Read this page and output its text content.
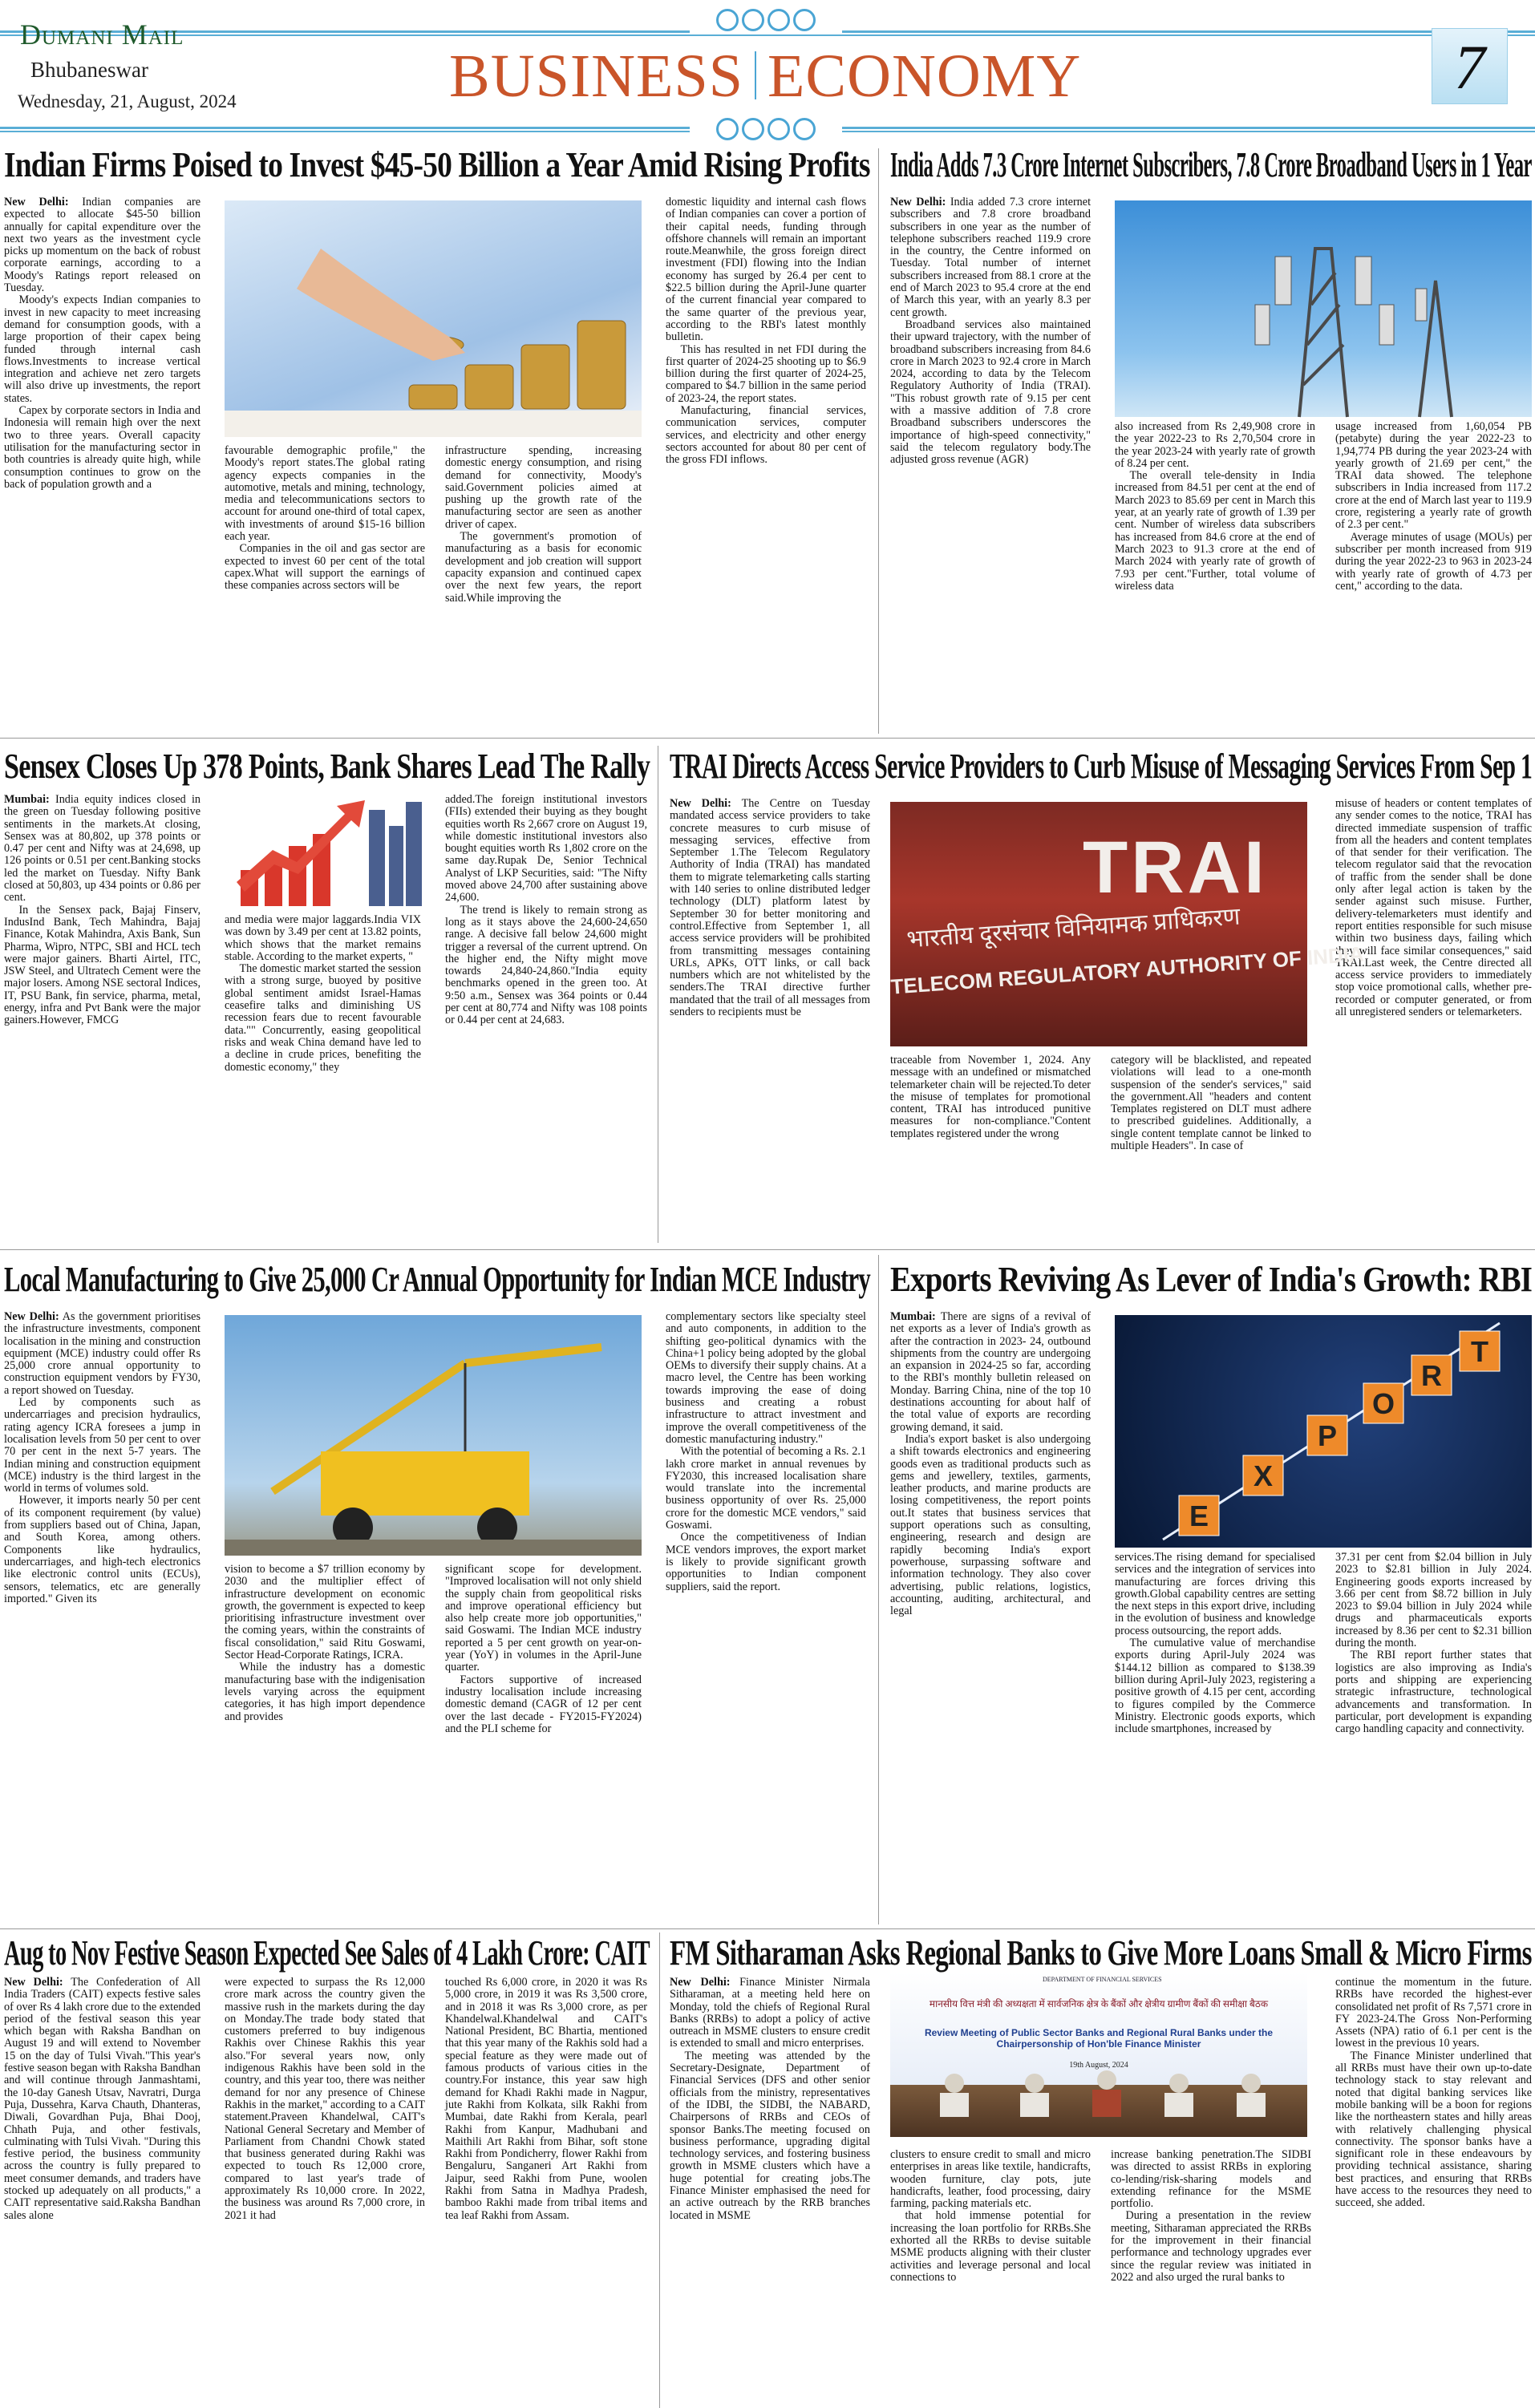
Dumani Mail
Bhubaneswar
Wednesday, 21, August, 2024	BUSINESS ECONOMY	7
Indian Firms Poised to Invest $45-50 Billion a Year Amid Rising Profits India Adds 7.3 Crore Internet Subscribers, 7.8 Crore Broadband Users in 1 Year
Sensex Closes Up 378 Points, Bank Shares Lead The Rally TRAI Directs Access Service Providers to Curb Misuse of Messaging Services From Sep 1
Local Manufacturing to Give 25,000 Cr Annual Opportunity for Indian MCE Industry Exports Reviving As Lever of India's Growth: RBI
Aug to Nov Festive Season Expected See Sales of 4 Lakh Crore: CAIT FM Sitharaman Asks Regional Banks to Give More Loans Small & Micro Firms

New Delhi: Indian companies are expected to allocate $45-50 billion annually for capital expenditure over the next two years as the investment cycle picks up momentum on the back of robust corporate earnings, according to a Moody's Ratings report released on Tuesday.

Moody's expects Indian companies to invest in new capacity to meet increasing demand for consumption goods, with a large proportion of their capex being funded through internal cash flows.Investments to increase vertical integration and achieve net zero targets will also drive up investments, the report states.

Capex by corporate sectors in India and Indonesia will remain high over the next two to three years. Overall capacity utilisation for the manufacturing sector in both countries is already quite high, while consumption continues to grow on the back of population growth and a

favourable demographic profile," the Moody's report states.The global rating agency expects companies in the automotive, metals and mining, technology, media and telecommunications sectors to account for around one-third of total capex, with investments of around $15-16 billion each year.

Companies in the oil and gas sector are expected to invest 60 per cent of the total capex.What will support the earnings of these companies across sectors will be

infrastructure spending, increasing domestic energy consumption, and rising demand for connectivity, Moody's said.Government policies aimed at pushing up the growth rate of the manufacturing sector are seen as another driver of capex.

The government's promotion of manufacturing as a basis for economic development and job creation will support capacity expansion and continued capex over the next few years, the report said.While improving the

domestic liquidity and internal cash flows of Indian companies can cover a portion of their capital needs, funding through offshore channels will remain an important route.Meanwhile, the gross foreign direct investment (FDI) flowing into the Indian economy has surged by 26.4 per cent to $22.5 billion during the April-June quarter of the current financial year compared to the same quarter of the previous year, according to the RBI's latest monthly bulletin.

This has resulted in net FDI during the first quarter of 2024-25 shooting up to $6.9 billion during the first quarter of 2024-25, compared to $4.7 billion in the same period of 2023-24, the report states.

Manufacturing, financial services, communication services, computer services, and electricity and other energy sectors accounted for about 80 per cent of the gross FDI inflows.

New Delhi: India added 7.3 crore internet subscribers and 7.8 crore broadband subscribers in one year as the number of telephone subscribers reached 119.9 crore in the country, the Centre informed on Tuesday. Total number of internet subscribers increased from 88.1 crore at the end of March 2023 to 95.4 crore at the end of March this year, with an yearly 8.3 per cent growth.

Broadband services also maintained their upward trajectory, with the number of broadband subscribers increasing from 84.6 crore in March 2023 to 92.4 crore in March 2024, according to data by the Telecom Regulatory Authority of India (TRAI). "This robust growth rate of 9.15 per cent with a massive addition of 7.8 crore Broadband subscribers underscores the importance of high-speed connectivity," said the telecom regulatory body.The adjusted gross revenue (AGR)

also increased from Rs 2,49,908 crore in the year 2022-23 to Rs 2,70,504 crore in the year 2023-24 with yearly rate of growth of 8.24 per cent.

The overall tele-density in India increased from 84.51 per cent at the end of March 2023 to 85.69 per cent in March this year, at an yearly rate of growth of 1.39 per cent. Number of wireless data subscribers has increased from 84.6 crore at the end of March 2023 to 91.3 crore at the end of March 2024 with yearly rate of growth of 7.93 per cent."Further, total volume of wireless data

usage increased from 1,60,054 PB (petabyte) during the year 2022-23 to 1,94,774 PB during the year 2023-24 with yearly growth of 21.69 per cent," the TRAI data showed. The telephone subscribers in India increased from 117.2 crore at the end of March last year to 119.9 crore, registering a yearly rate of growth of 2.3 per cent."

Average minutes of usage (MOUs) per subscriber per month increased from 919 during the year 2022-23 to 963 in 2023-24 with yearly rate of growth of 4.73 per cent," according to the data.

Mumbai: India equity indices closed in the green on Tuesday following positive sentiments in the markets.At closing, Sensex was at 80,802, up 378 points or 0.47 per cent and Nifty was at 24,698, up 126 points or 0.51 per cent.Banking stocks led the market on Tuesday. Nifty Bank closed at 50,803, up 434 points or 0.86 per cent.

In the Sensex pack, Bajaj Finserv, IndusInd Bank, Tech Mahindra, Bajaj Finance, Kotak Mahindra, Axis Bank, Sun Pharma, Wipro, NTPC, SBI and HCL tech were major gainers. Bharti Airtel, ITC, JSW Steel, and Ultratech Cement were the major losers. Among NSE sectoral Indices, IT, PSU Bank, fin service, pharma, metal, energy, infra and Pvt Bank were the major gainers.However, FMCG

and media were major laggards.India VIX was down by 3.49 per cent at 13.82 points, which shows that the market remains stable. According to the market experts, "

The domestic market started the session with a strong surge, buoyed by positive global sentiment amidst Israel-Hamas ceasefire talks and diminishing US recession fears due to recent favourable data."" Concurrently, easing geopolitical risks and weak China demand have led to a decline in crude prices, benefiting the domestic economy," they

added.The foreign institutional investors (FIIs) extended their buying as they bought equities worth Rs 2,667 crore on August 19, while domestic institutional investors also bought equities worth Rs 1,802 crore on the same day.Rupak De, Senior Technical Analyst of LKP Securities, said: "The Nifty moved above 24,700 after sustaining above 24,600.

The trend is likely to remain strong as long as it stays above the 24,600-24,650 range. A decisive fall below 24,600 might trigger a reversal of the current uptrend. On the higher end, the Nifty might move towards 24,840-24,860."India equity benchmarks opened in the green too. At 9:50 a.m., Sensex was 364 points or 0.44 per cent at 80,774 and Nifty was 108 points or 0.44 per cent at 24,683.

New Delhi: The Centre on Tuesday mandated access service providers to take concrete measures to curb misuse of messaging services, effective from September 1.The Telecom Regulatory Authority of India (TRAI) has mandated them to migrate telemarketing calls starting with 140 series to online distributed ledger technology (DLT) platform latest by September 30 for better monitoring and control.Effective from September 1, all access service providers will be prohibited from transmitting messages containing URLs, APKs, OTT links, or call back numbers which are not whitelisted by the senders.The TRAI directive further mandated that the trail of all messages from senders to recipients must be

traceable from November 1, 2024. Any message with an undefined or mismatched telemarketer chain will be rejected.To deter the misuse of templates for promotional content, TRAI has introduced punitive measures for non-compliance."Content templates registered under the wrong

category will be blacklisted, and repeated violations will lead to a one-month suspension of the sender's services," said the government.All "headers and content Templates registered on DLT must adhere to prescribed guidelines. Additionally, a single content template cannot be linked to multiple Headers". In case of

misuse of headers or content templates of any sender comes to the notice, TRAI has directed immediate suspension of traffic from all the headers and content templates of that sender for their verification. The telecom regulator said that the revocation of traffic from the sender shall be done only after legal action is taken by the sender against such misuse. Further, delivery-telemarketers must identify and report entities responsible for such misuse within two business days, failing which they will face similar consequences," said TRAI.Last week, the Centre directed all access service providers to immediately stop voice promotional calls, whether pre-recorded or computer generated, or from all unregistered senders or telemarketers.

New Delhi: As the government prioritises the infrastructure investments, component localisation in the mining and construction equipment (MCE) industry could offer Rs 25,000 crore annual opportunity to construction equipment vendors by FY30, a report showed on Tuesday.

Led by components such as undercarriages and precision hydraulics, rating agency ICRA foresees a jump in localisation levels from 50 per cent to over 70 per cent in the next 5-7 years. The Indian mining and construction equipment (MCE) industry is the third largest in the world in terms of volumes sold.

However, it imports nearly 50 per cent of its component requirement (by value) from suppliers based out of China, Japan, and South Korea, among others. Components like hydraulics, undercarriages, and high-tech electronics like electronic control units (ECUs), sensors, telematics, etc are generally imported." Given its

vision to become a $7 trillion economy by 2030 and the multiplier effect of infrastructure development on economic growth, the government is expected to keep prioritising infrastructure investment over the coming years, within the constraints of fiscal consolidation," said Ritu Goswami, Sector Head-Corporate Ratings, ICRA.

While the industry has a domestic manufacturing base with the indigenisation levels varying across the equipment categories, it has high import dependence and provides

significant scope for development. "Improved localisation will not only shield the supply chain from geopolitical risks and improve operational efficiency but also help create more job opportunities," said Goswami. The Indian MCE industry reported a 5 per cent growth on year-on-year (YoY) in volumes in the April-June quarter.

Factors supportive of increased industry localisation include increasing domestic demand (CAGR of 12 per cent over the last decade - FY2015-FY2024) and the PLI scheme for

complementary sectors like specialty steel and auto components, in addition to the shifting geo-political dynamics with the China+1 policy being adopted by the global OEMs to diversify their supply chains. At a macro level, the Centre has been working towards improving the ease of doing business and creating a robust infrastructure to attract investment and improve the overall competitiveness of the domestic manufacturing industry."

With the potential of becoming a Rs. 2.1 lakh crore market in annual revenues by FY2030, this increased localisation share would translate into the incremental business opportunity of over Rs. 25,000 crore for the domestic MCE vendors," said Goswami.

Once the competitiveness of Indian MCE vendors improves, the export market is likely to provide significant growth opportunities to Indian component suppliers, said the report.

Mumbai: There are signs of a revival of net exports as a lever of India's growth as after the contraction in 2023- 24, outbound shipments from the country are undergoing an expansion in 2024-25 so far, according to the RBI's monthly bulletin released on Monday. Barring China, nine of the top 10 destinations accounting for about half of the total value of exports are recording growing demand, it said.

India's export basket is also undergoing a shift towards electronics and engineering goods even as traditional products such as gems and jewellery, textiles, garments, leather products, and marine products are losing competitiveness, the report points out.It states that business services that support operations such as consulting, engineering, research and design are rapidly becoming India's export powerhouse, surpassing software and information technology. They also cover advertising, public relations, logistics, accounting, auditing, architectural, and legal

services.The rising demand for specialised services and the integration of services into manufacturing are forces driving this growth.Global capability centres are setting the next steps in this export drive, including in the evolution of business and knowledge process outsourcing, the report adds.

The cumulative value of merchandise exports during April-July 2024 was $144.12 billion as compared to $138.39 billion during April-July 2023, registering a positive growth of 4.15 per cent, according to figures compiled by the Commerce Ministry. Electronic goods exports, which include smartphones, increased by

37.31 per cent from $2.04 billion in July 2023 to $2.81 billion in July 2024. Engineering goods exports increased by 3.66 per cent from $8.72 billion in July 2023 to $9.04 billion in July 2024 while drugs and pharmaceuticals exports increased by 8.36 per cent to $2.31 billion during the month.

The RBI report further states that logistics are also improving as India's ports and shipping are experiencing strategic infrastructure, technological advancements and transformation. In particular, port development is expanding cargo handling capacity and connectivity.

New Delhi: The Confederation of All India Traders (CAIT) expects festive sales of over Rs 4 lakh crore due to the extended period of the festival season this year which began with Raksha Bandhan on August 19 and will extend to November 15 on the day of Tulsi Vivah."This year's festive season began with Raksha Bandhan and will continue through Janmashtami, the 10-day Ganesh Utsav, Navratri, Durga Puja, Dussehra, Karva Chauth, Dhanteras, Diwali, Govardhan Puja, Bhai Dooj, Chhath Puja, and other festivals, culminating with Tulsi Vivah. "During this festive period, the business community across the country is fully prepared to meet consumer demands, and traders have stocked up adequately on all products," a CAIT representative said.Raksha Bandhan sales alone

were expected to surpass the Rs 12,000 crore mark across the country given the massive rush in the markets during the day on Monday.The trade body stated that customers preferred to buy indigenous Rakhis over Chinese Rakhis this year also."For several years now, only indigenous Rakhis have been sold in the country, and this year too, there was neither demand for nor any presence of Chinese Rakhis in the market," according to a CAIT statement.Praveen Khandelwal, CAIT's National General Secretary and Member of Parliament from Chandni Chowk stated that business generated during Rakhi was expected to touch Rs 12,000 crore, compared to last year's trade of approximately Rs 10,000 crore. In 2022, the business was around Rs 7,000 crore, in 2021 it had

touched Rs 6,000 crore, in 2020 it was Rs 5,000 crore, in 2019 it was Rs 3,500 crore, and in 2018 it was Rs 3,000 crore, as per Khandelwal.Khandelwal and CAIT's National President, BC Bhartia, mentioned that this year many of the Rakhis sold had a special feature as they were made out of famous products of various cities in the country.For instance, this year saw high demand for Khadi Rakhi made in Nagpur, jute Rakhi from Kolkata, silk Rakhi from Mumbai, date Rakhi from Kerala, pearl Rakhi from Kanpur, Madhubani and Maithili Art Rakhi from Bihar, soft stone Rakhi from Pondicherry, flower Rakhi from Bengaluru, Sanganeri Art Rakhi from Jaipur, seed Rakhi from Pune, woolen Rakhi from Satna in Madhya Pradesh, bamboo Rakhi made from tribal items and tea leaf Rakhi from Assam.

New Delhi: Finance Minister Nirmala Sitharaman, at a meeting held here on Monday, told the chiefs of Regional Rural Banks (RRBs) to adopt a policy of active outreach in MSME clusters to ensure credit is extended to small and micro enterprises.

The meeting was attended by the Secretary-Designate, Department of Financial Services (DFS and other senior officials from the ministry, representatives of the IDBI, the SIDBI, the NABARD, Chairpersons of RRBs and CEOs of sponsor Banks.The meeting focused on business performance, upgrading digital technology services, and fostering business growth in MSME clusters which have a huge potential for creating jobs.The Finance Minister emphasised the need for an active outreach by the RRB branches located in MSME

clusters to ensure credit to small and micro enterprises in areas like textile, handicrafts, wooden furniture, clay pots, jute handicrafts, leather, food processing, dairy farming, packing materials etc.

that hold immense potential for increasing the loan portfolio for RRBs.She exhorted all the RRBs to devise suitable MSME products aligning with their cluster activities and leverage personal and local connections to

increase banking penetration.The SIDBI was directed to assist RRBs in exploring co-lending/risk-sharing models and extending refinance for the MSME portfolio.

During a presentation in the review meeting, Sitharaman appreciated the RRBs for the improvement in their financial performance and technology upgrades ever since the regular review was initiated in 2022 and also urged the rural banks to

continue the momentum in the future. RRBs have recorded the highest-ever consolidated net profit of Rs 7,571 crore in FY 2023-24.The Gross Non-Performing Assets (NPA) ratio of 6.1 per cent is the lowest in the previous 10 years.

The Finance Minister underlined that all RRBs must have their own up-to-date technology stack to stay relevant and noted that digital banking services like mobile banking will be a boon for regions like the northeastern states and hilly areas with relatively challenging physical connectivity. The sponsor banks have a significant role in these endeavours by providing technical assistance, sharing best practices, and ensuring that RRBs have access to the resources they need to succeed, she added.

TRAI
भारतीय दूरसंचार विनियामक प्राधिकरण
TELECOM REGULATORY AUTHORITY OF INDIA
E
X
P
O
R
T
DEPARTMENT OF FINANCIAL SERVICES
मानसीय वित्त मंत्री की अध्यक्षता में सार्वजनिक क्षेत्र के बैंकों और क्षेत्रीय ग्रामीण बैंकों की समीक्षा बैठक
Review Meeting of Public Sector Banks and Regional Rural Banks under the Chairpersonship of Hon'ble Finance Minister
19th August, 2024
